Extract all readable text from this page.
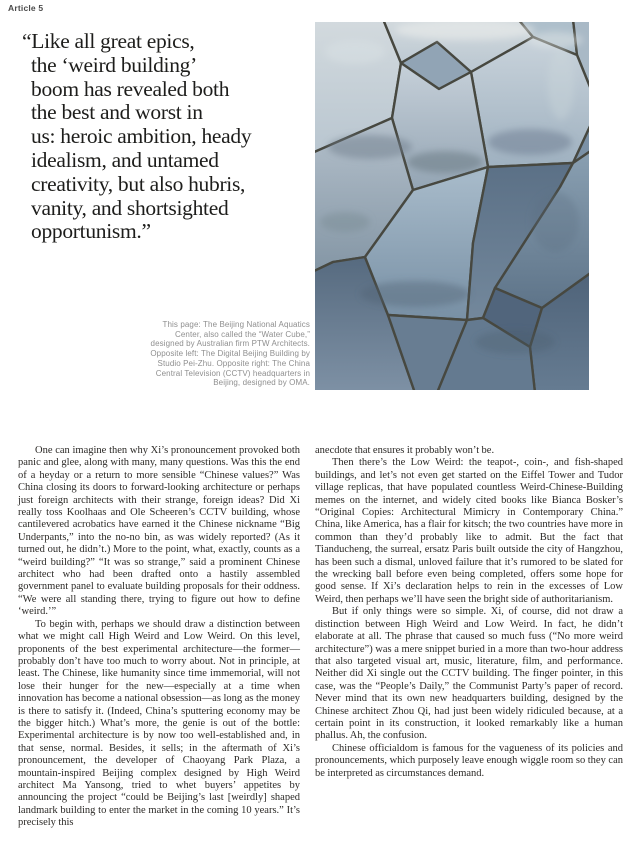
Article 5
“Like all great epics,
the ‘weird building’
boom has revealed both
the best and worst in
us: heroic ambition, heady
idealism, and untamed
creativity, but also hubris,
vanity, and shortsighted
opportunism.”
This page: The Beijing National Aquatics
Center, also called the “Water Cube,”
designed by Australian firm PTW Architects.
Opposite left: The Digital Beijing Building by
Studio Pei-Zhu. Opposite right: The China
Central Television (CCTV) headquarters in
Beijing, designed by OMA.

One can imagine then why Xi’s pronouncement provoked both panic and glee, along with many, many questions. Was this the end of a heyday or a return to more sensible “Chinese values?” Was China closing its doors to forward-looking architecture or perhaps just foreign architects with their strange, foreign ideas? Did Xi really toss Koolhaas and Ole Scheeren’s CCTV building, whose cantilevered acrobatics have earned it the Chinese nickname “Big Underpants,” into the no-no bin, as was widely reported? (As it turned out, he didn’t.) More to the point, what, exactly, counts as a “weird building?” “It was so strange,” said a prominent Chinese architect who had been drafted onto a hastily assembled government panel to evaluate building proposals for their oddness. “We were all standing there, trying to figure out how to define ‘weird.’”

To begin with, perhaps we should draw a distinction between what we might call High Weird and Low Weird. On this level, proponents of the best experimental architecture—the former—probably don’t have too much to worry about. Not in principle, at least. The Chinese, like humanity since time immemorial, will not lose their hunger for the new—especially at a time when innovation has become a national obsession—as long as the money is there to satisfy it. (Indeed, China’s sputtering economy may be the bigger hitch.) What’s more, the genie is out of the bottle: Experimental architecture is by now too well-established and, in that sense, normal. Besides, it sells; in the aftermath of Xi’s pronouncement, the developer of Chaoyang Park Plaza, a mountain-inspired Beijing complex designed by High Weird architect Ma Yansong, tried to whet buyers’ appetites by announcing the project “could be Beijing’s last [weirdly] shaped landmark building to enter the market in the coming 10 years.” It’s precisely this

anecdote that ensures it probably won’t be.

Then there’s the Low Weird: the teapot-, coin-, and fish-shaped buildings, and let’s not even get started on the Eiffel Tower and Tudor village replicas, that have populated countless Weird-Chinese-Building memes on the internet, and widely cited books like Bianca Bosker’s “Original Copies: Architectural Mimicry in Contemporary China.” China, like America, has a flair for kitsch; the two countries have more in common than they’d probably like to admit. But the fact that Tianducheng, the surreal, ersatz Paris built outside the city of Hangzhou, has been such a dismal, unloved failure that it’s rumored to be slated for the wrecking ball before even being completed, offers some hope for good sense. If Xi’s declaration helps to rein in the excesses of Low Weird, then perhaps we’ll have seen the bright side of authoritarianism.

But if only things were so simple. Xi, of course, did not draw a distinction between High Weird and Low Weird. In fact, he didn’t elaborate at all. The phrase that caused so much fuss (“No more weird architecture”) was a mere snippet buried in a more than two-hour address that also targeted visual art, music, literature, film, and performance. Neither did Xi single out the CCTV building. The finger pointer, in this case, was the “People’s Daily,” the Communist Party’s paper of record. Never mind that its own new headquarters building, designed by the Chinese architect Zhou Qi, had just been widely ridiculed because, at a certain point in its construction, it looked remarkably like a human phallus. Ah, the confusion.

Chinese officialdom is famous for the vagueness of its policies and pronouncements, which purposely leave enough wiggle room so they can be interpreted as circumstances demand.
